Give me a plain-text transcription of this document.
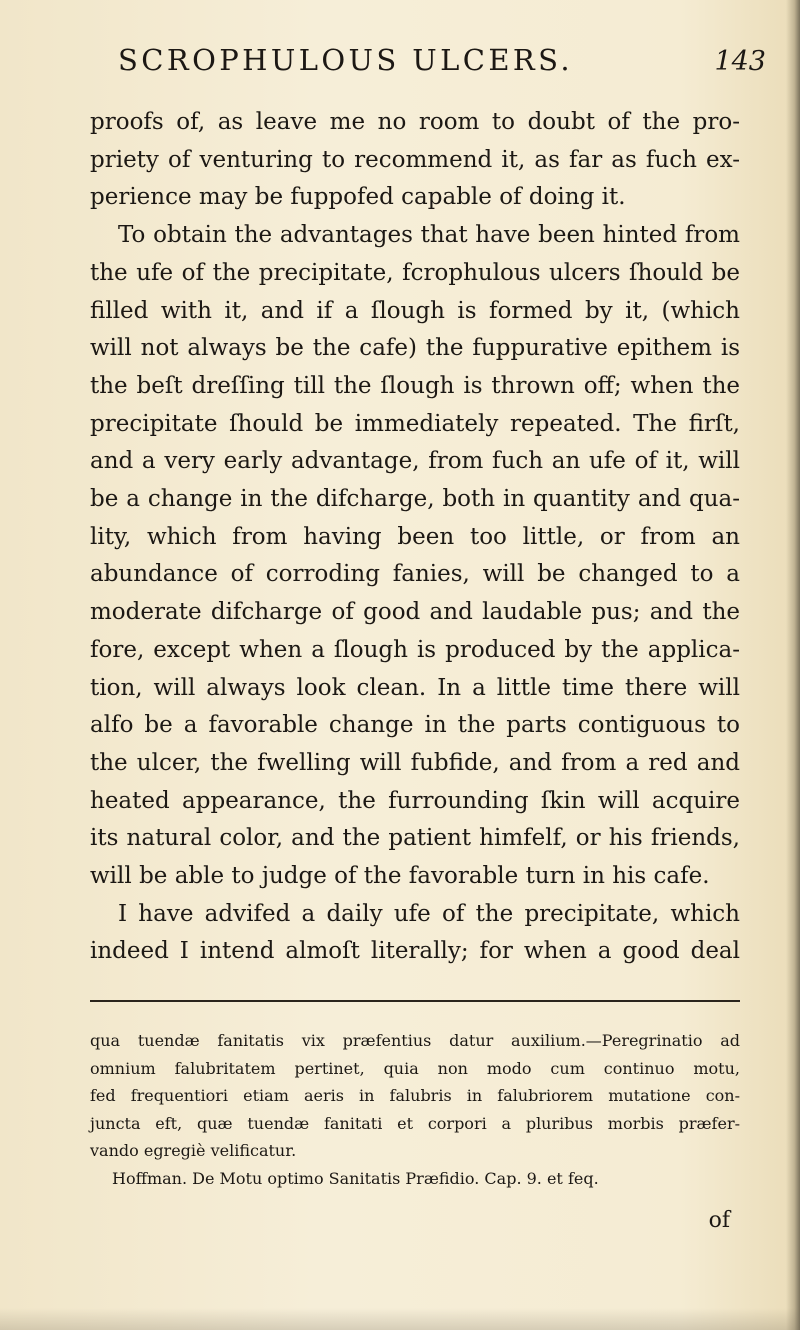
SCROPHULOUS ULCERS.	143
proofs of, as leave me no room to doubt of the pro-
priety of venturing to recommend it, as far as fuch ex-
perience may be fuppofed capable of doing it.
To obtain the advantages that have been hinted from
the ufe of the precipitate, fcrophulous ulcers ſhould be
filled with it, and if a ſlough is formed by it, (which
will not always be the cafe) the fuppurative epithem is
the beſt dreſſing till the ſlough is thrown off; when the
precipitate ſhould be immediately repeated. The firſt,
and a very early advantage, from fuch an ufe of it, will
be a change in the difcharge, both in quantity and qua-
lity, which from having been too little, or from an
abundance of corroding fanies, will be changed to a
moderate difcharge of good and laudable pus; and the
fore, except when a ſlough is produced by the applica-
tion, will always look clean. In a little time there will
alfo be a favorable change in the parts contiguous to
the ulcer, the fwelling will fubfide, and from a red and
heated appearance, the furrounding ſkin will acquire
its natural color, and the patient himfelf, or his friends,
will be able to judge of the favorable turn in his cafe.
I have advifed a daily ufe of the precipitate, which
indeed I intend almoſt literally; for when a good deal
qua tuendæ fanitatis vix præfentius datur auxilium.—Peregrinatio ad
omnium falubritatem pertinet, quia non modo cum continuo motu,
fed frequentiori etiam aeris in falubris in falubriorem mutatione con-
juncta eft, quæ tuendæ fanitati et corpori a pluribus morbis præfer-
vando egregiè velificatur.
Hoffman. De Motu optimo Sanitatis Præfidio. Cap. 9. et feq.
of
